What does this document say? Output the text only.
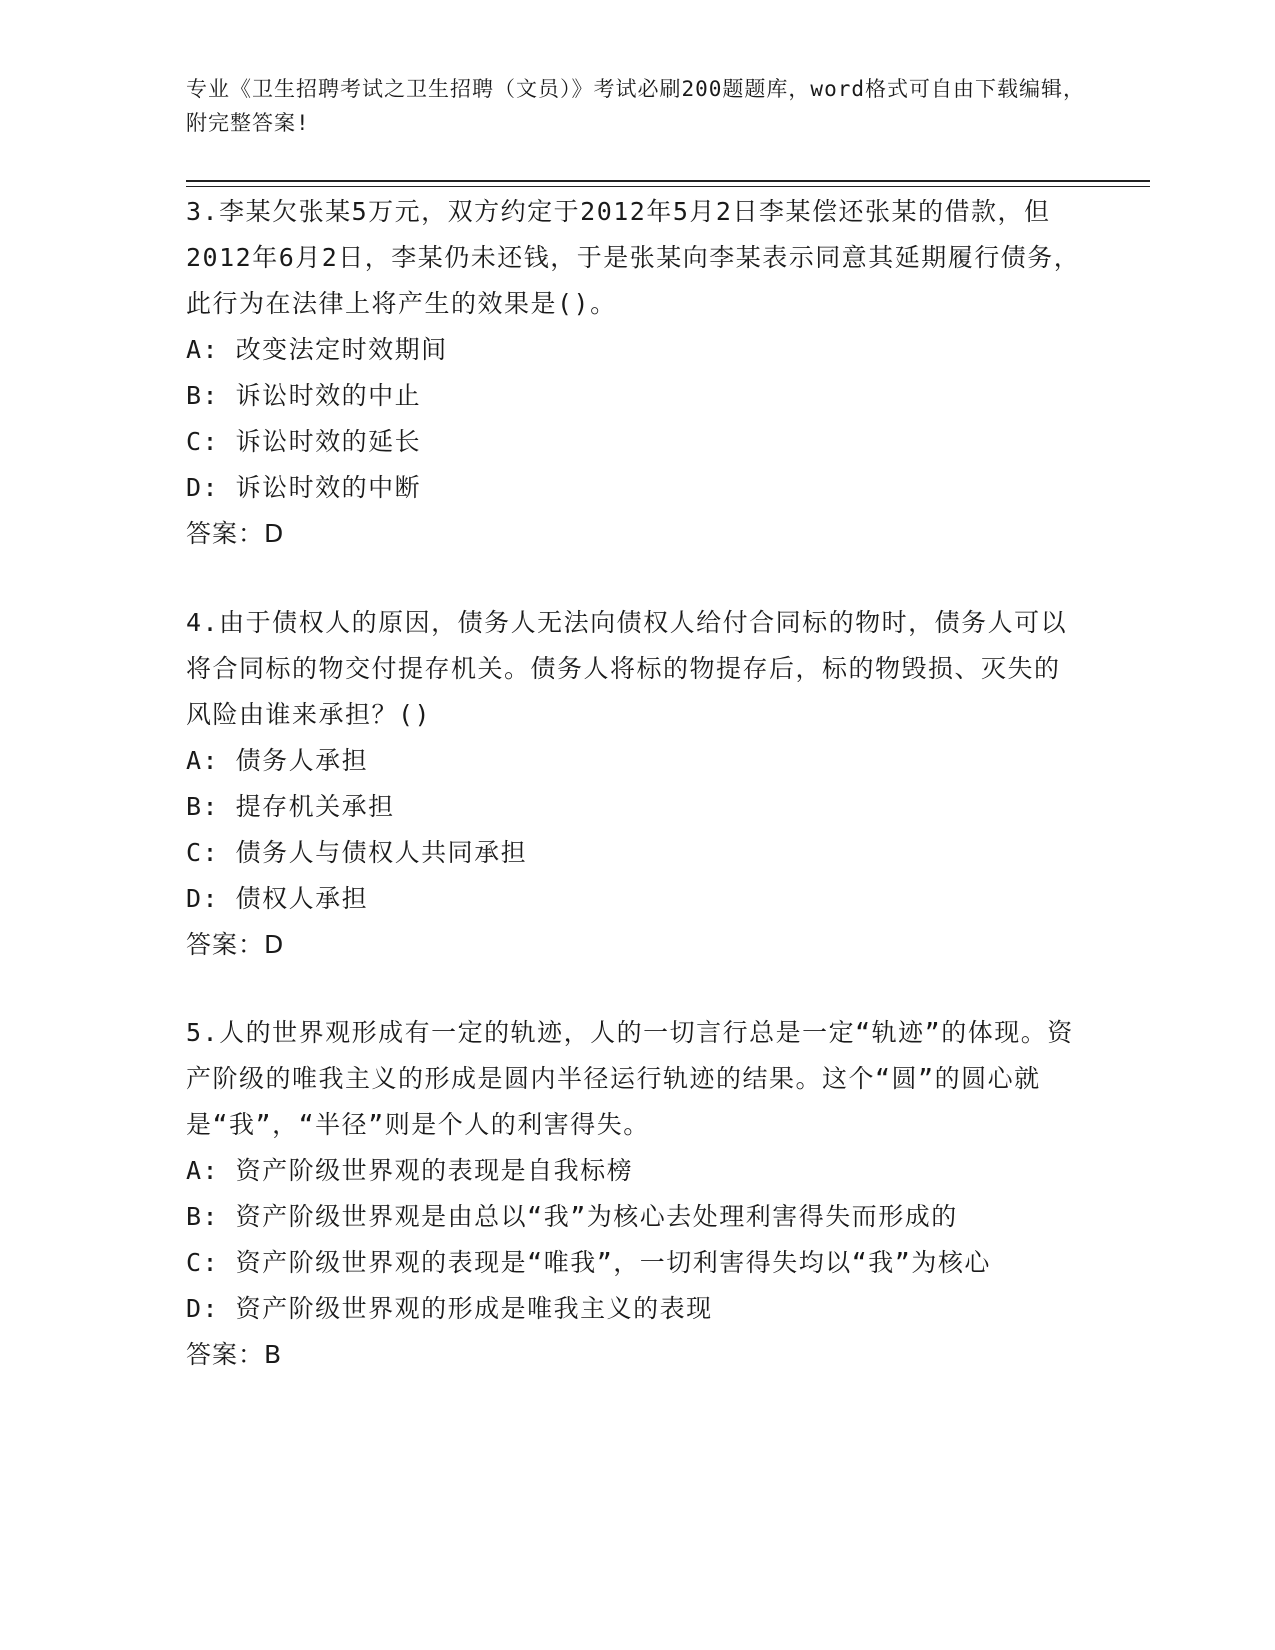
专业《卫生招聘考试之卫生招聘（文员）》考试必刷200题题库，word格式可自由下载编辑，附完整答案!

3.李某欠张某5万元，双方约定于2012年5月2日李某偿还张某的借款，但2012年6月2日，李某仍未还钱，于是张某向李某表示同意其延期履行债务，此行为在法律上将产生的效果是()。

A: 改变法定时效期间
B: 诉讼时效的中止
C: 诉讼时效的延长
D: 诉讼时效的中断

答案：D

4.由于债权人的原因，债务人无法向债权人给付合同标的物时，债务人可以将合同标的物交付提存机关。债务人将标的物提存后，标的物毁损、灭失的风险由谁来承担？()

A: 债务人承担
B: 提存机关承担
C: 债务人与债权人共同承担
D: 债权人承担

答案：D

5.人的世界观形成有一定的轨迹，人的一切言行总是一定“轨迹”的体现。资产阶级的唯我主义的形成是圆内半径运行轨迹的结果。这个“圆”的圆心就是“我”，“半径”则是个人的利害得失。

A: 资产阶级世界观的表现是自我标榜
B: 资产阶级世界观是由总以“我”为核心去处理利害得失而形成的
C: 资产阶级世界观的表现是“唯我”，一切利害得失均以“我”为核心
D: 资产阶级世界观的形成是唯我主义的表现

答案：B
